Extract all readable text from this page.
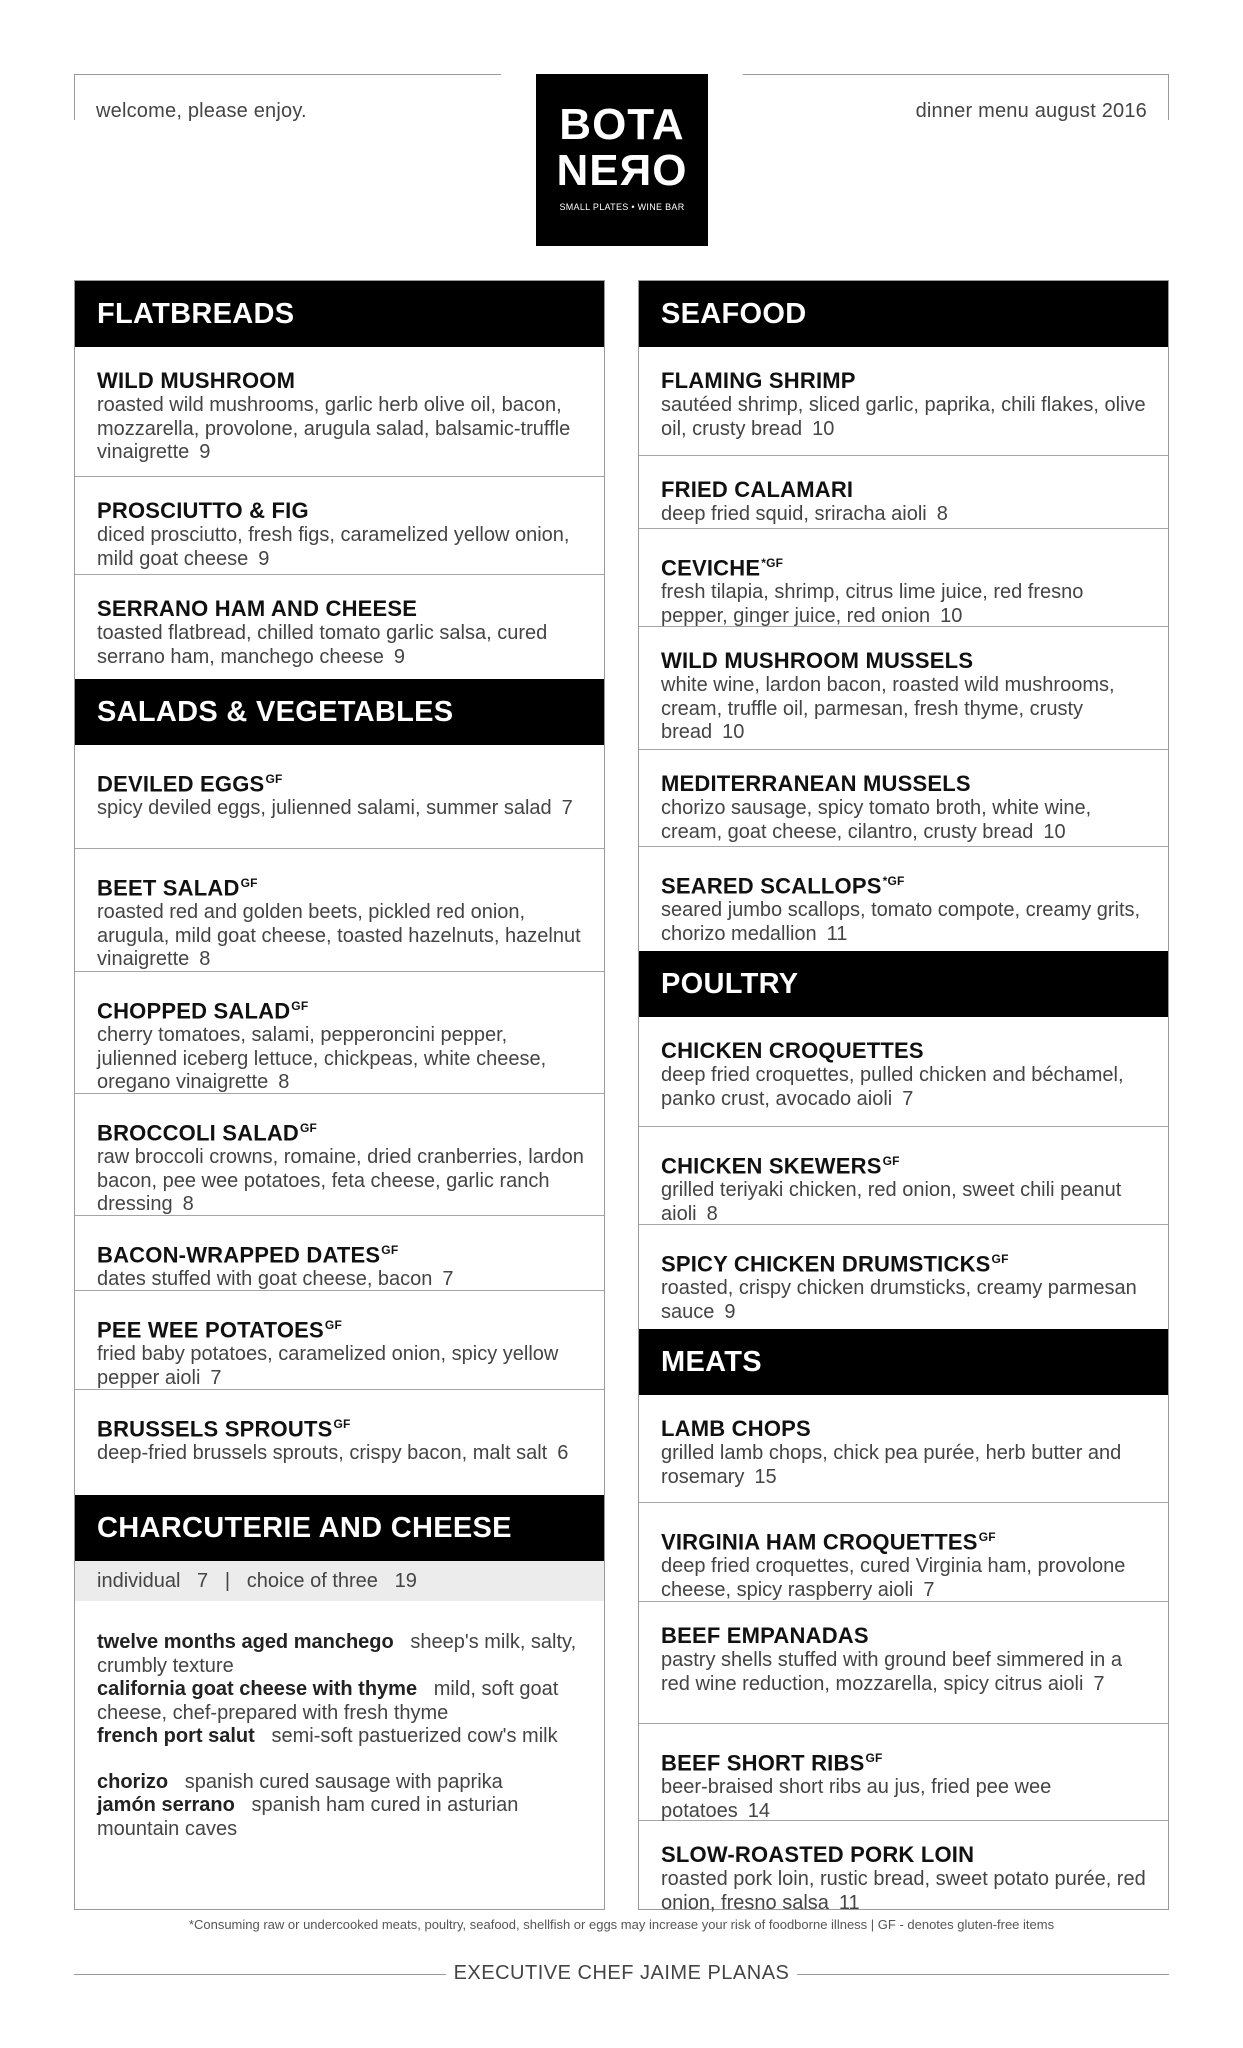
welcome, please enjoy.	dinner menu august 2016
BOTA
NEЯO
SMALL PLATES • WINE BAR
FLATBREADS
WILD MUSHROOM
roasted wild mushrooms, garlic herb olive oil, bacon, mozzarella, provolone, arugula salad, balsamic-truffle vinaigrette 9
PROSCIUTTO & FIG
diced prosciutto, fresh figs, caramelized yellow onion, mild goat cheese 9
SERRANO HAM AND CHEESE
toasted flatbread, chilled tomato garlic salsa, cured serrano ham, manchego cheese 9
SALADS & VEGETABLES
DEVILED $EGGS^{GF}$
spicy deviled eggs, julienned salami, summer salad 7
BEET $SALAD^{GF}$
roasted red and golden beets, pickled red onion, arugula, mild goat cheese, toasted hazelnuts, hazelnut vinaigrette 8
CHOPPED $SALAD^{GF}$
cherry tomatoes, salami, pepperoncini pepper, julienned iceberg lettuce, chickpeas, white cheese, oregano vinaigrette 8
BROCCOLI $SALAD^{GF}$
raw broccoli crowns, romaine, dried cranberries, lardon bacon, pee wee potatoes, feta cheese, garlic ranch dressing 8
BACON-WRAPPED $DATES^{GF}$
dates stuffed with goat cheese, bacon 7
PEE WEE $POTATOES^{GF}$
fried baby potatoes, caramelized onion, spicy yellow pepper aioli 7
BRUSSELS $SPROUTS^{GF}$
deep-fried brussels sprouts, crispy bacon, malt salt 6
CHARCUTERIE AND CHEESE
individual   7   |   choice of three   19
twelve months aged manchego sheep's milk, salty, crumbly texture
california goat cheese with thyme mild, soft goat cheese, chef-prepared with fresh thyme
french port salut semi-soft pastuerized cow's milk
chorizo spanish cured sausage with paprika
jamón serrano spanish ham cured in asturian mountain caves
SEAFOOD
FLAMING SHRIMP
sautéed shrimp, sliced garlic, paprika, chili flakes, olive oil, crusty bread 10
FRIED CALAMARI
deep fried squid, sriracha aioli 8
$CEVICHE^{*GF}$
fresh tilapia, shrimp, citrus lime juice, red fresno pepper, ginger juice, red onion 10
WILD MUSHROOM MUSSELS
white wine, lardon bacon, roasted wild mushrooms, cream, truffle oil, parmesan, fresh thyme, crusty bread 10
MEDITERRANEAN MUSSELS
chorizo sausage, spicy tomato broth, white wine, cream, goat cheese, cilantro, crusty bread 10
SEARED $SCALLOPS^{*GF}$
seared jumbo scallops, tomato compote, creamy grits, chorizo medallion 11
POULTRY
CHICKEN CROQUETTES
deep fried croquettes, pulled chicken and béchamel, panko crust, avocado aioli 7
CHICKEN $SKEWERS^{GF}$
grilled teriyaki chicken, red onion, sweet chili peanut aioli 8
SPICY CHICKEN $DRUMSTICKS^{GF}$
roasted, crispy chicken drumsticks, creamy parmesan sauce 9
MEATS
LAMB CHOPS
grilled lamb chops, chick pea purée, herb butter and rosemary 15
VIRGINIA HAM $CROQUETTES^{GF}$
deep fried croquettes, cured Virginia ham, provolone cheese, spicy raspberry aioli 7
BEEF EMPANADAS
pastry shells stuffed with ground beef simmered in a red wine reduction, mozzarella, spicy citrus aioli 7
BEEF SHORT $RIBS^{GF}$
beer-braised short ribs au jus, fried pee wee potatoes 14
SLOW-ROASTED PORK LOIN
roasted pork loin, rustic bread, sweet potato purée, red onion, fresno salsa 11
*Consuming raw or undercooked meats, poultry, seafood, shellfish or eggs may increase your risk of foodborne illness | GF - denotes gluten-free items
EXECUTIVE CHEF JAIME PLANAS
